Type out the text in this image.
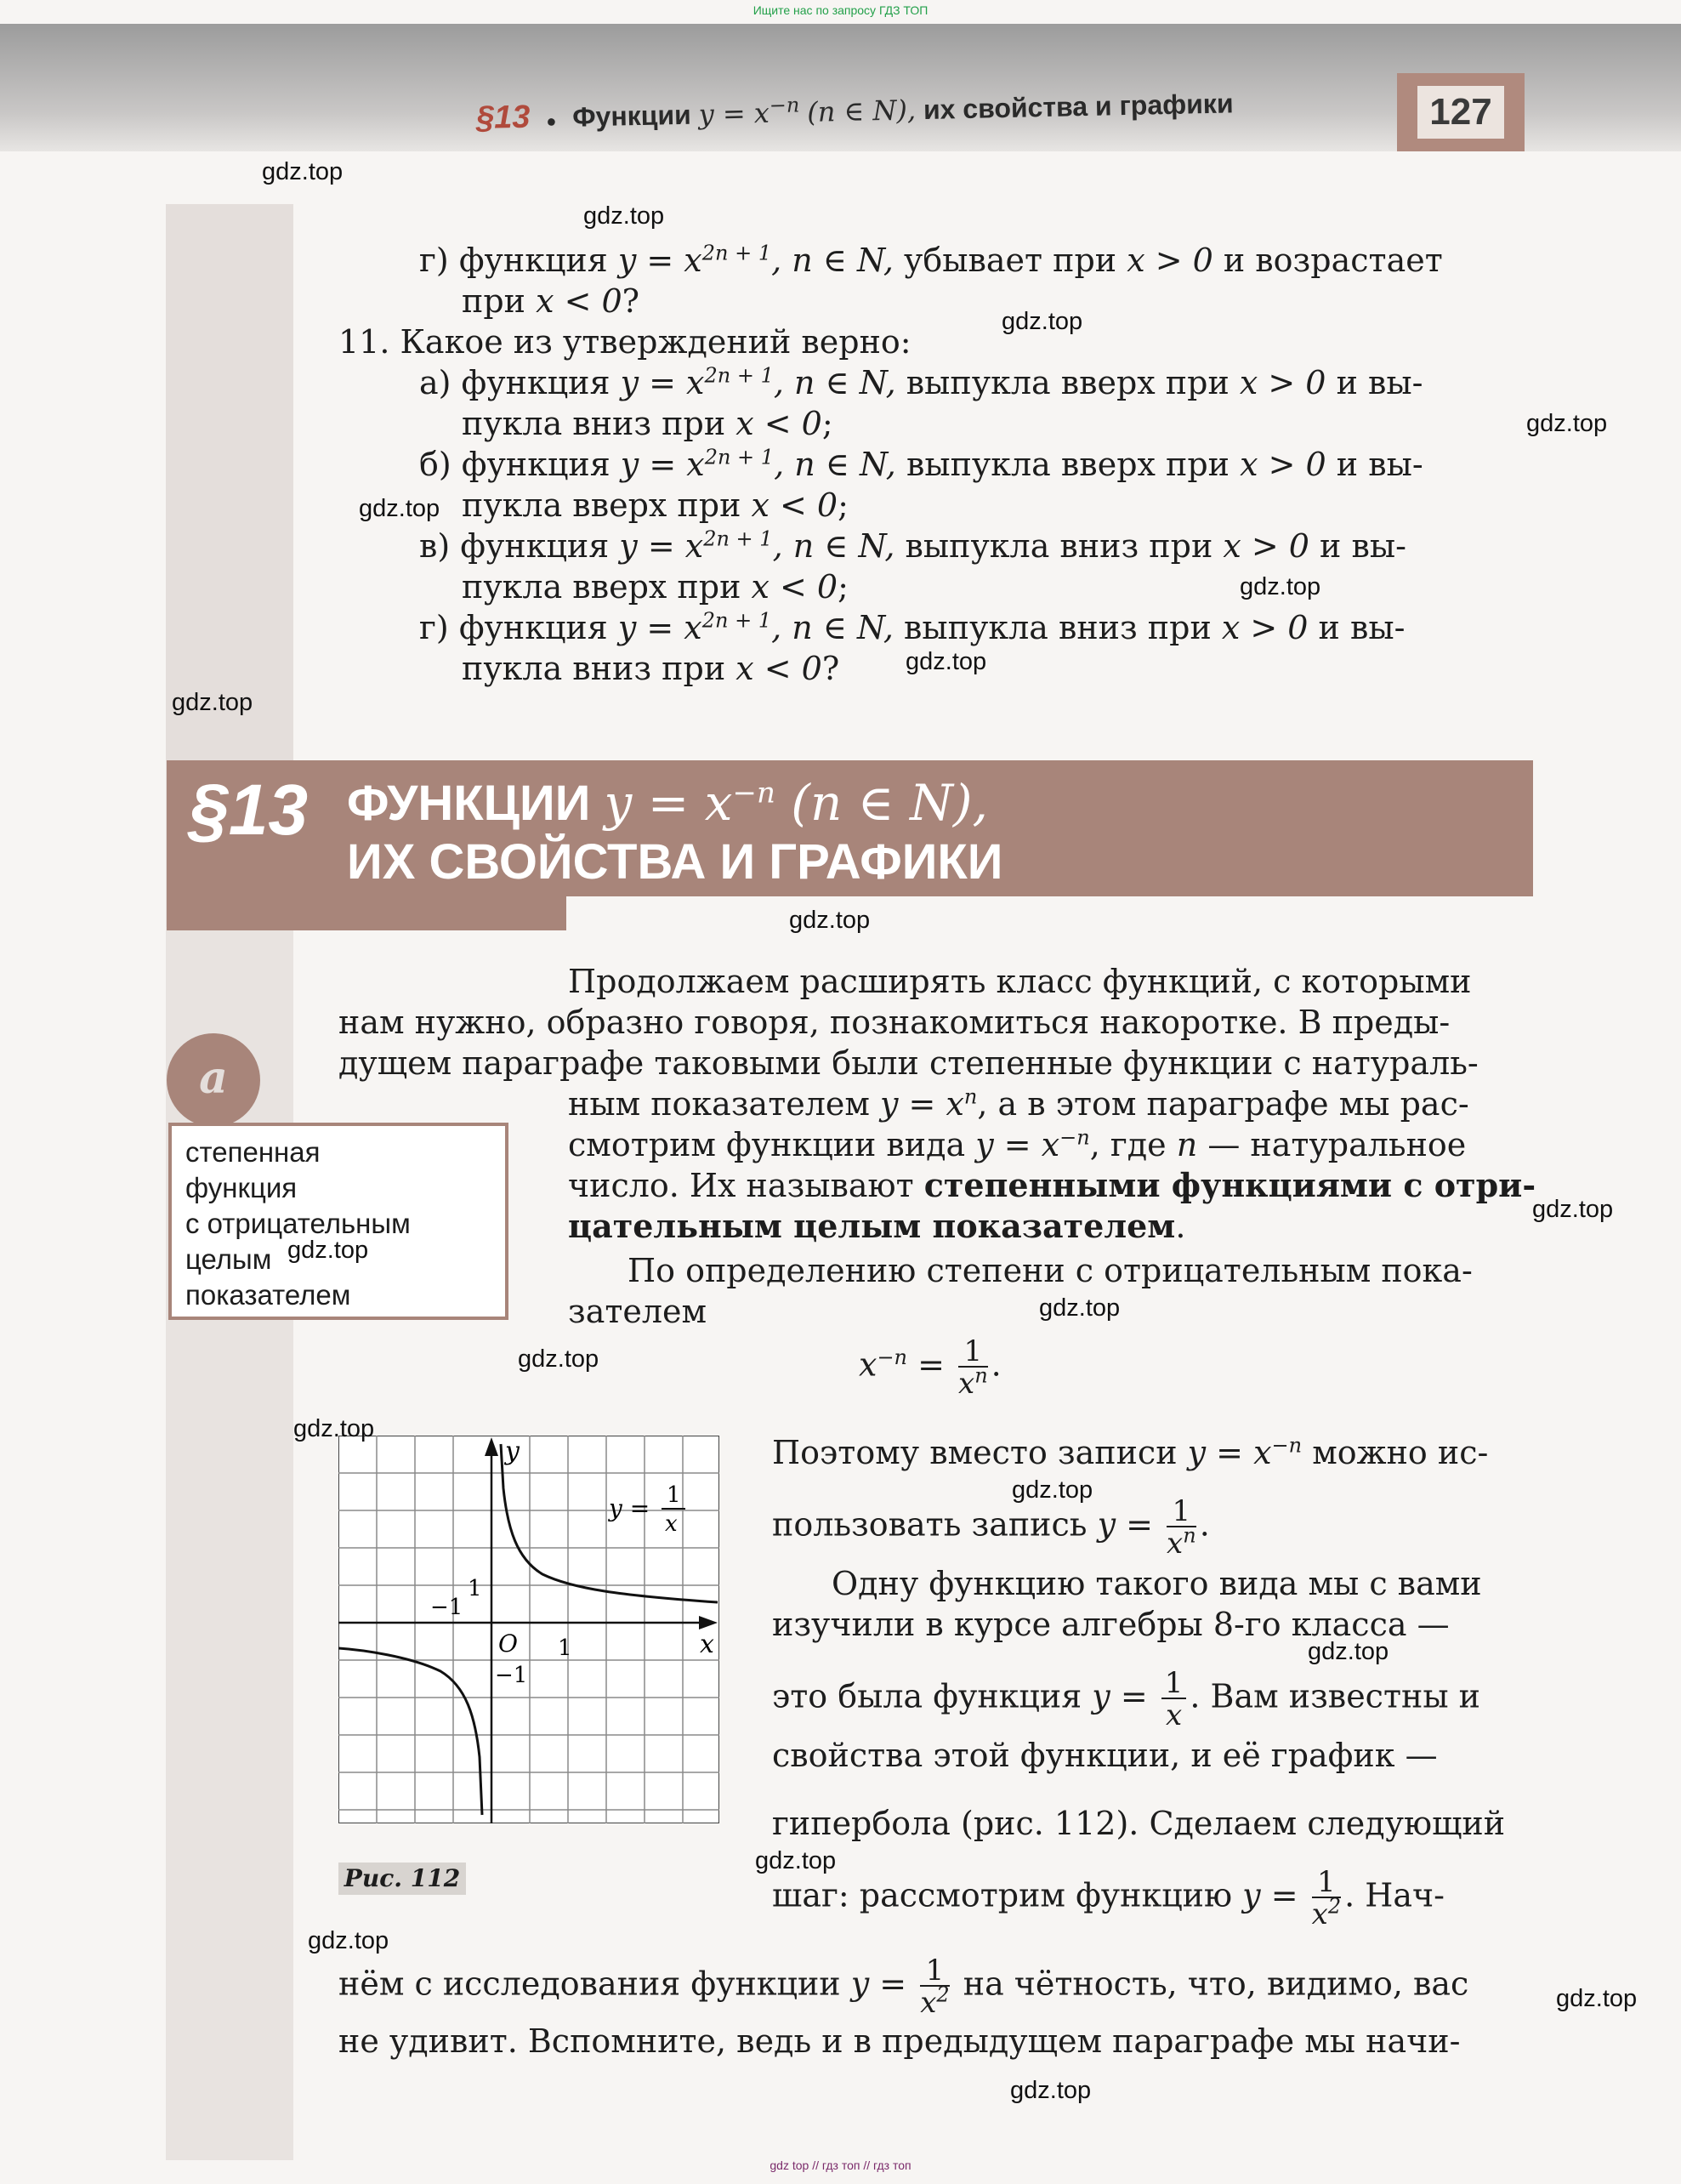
Ищите нас по запросу ГДЗ ТОП
§13 ● Функции $y = x^{-n}$ (n ∈ N), их свойства и графики	127
г) функция $y = x^{2n + 1}$, n ∈ N, убывает при x > 0 и возрастает
при x < 0?
11. Какое из утверждений верно:
а) функция $y = x^{2n + 1}$, n ∈ N, выпукла вверх при x > 0 и вы-
пукла вниз при x < 0;
б) функция $y = x^{2n + 1}$, n ∈ N, выпукла вверх при x > 0 и вы-
пукла вверх при x < 0;
в) функция $y = x^{2n + 1}$, n ∈ N, выпукла вниз при x > 0 и вы-
пукла вверх при x < 0;
г) функция $y = x^{2n + 1}$, n ∈ N, выпукла вниз при x > 0 и вы-
пукла вниз при x < 0?
§13 ФУНКЦИИ $y = x^{-n}$ (n ∈ N),
ИХ СВОЙСТВА И ГРАФИКИ
a
степенная
функция
с отрицательным
целым
показателем
Продолжаем расширять класс функций, с которыми
нам нужно, образно говоря, познакомиться накоротке. В преды-
дущем параграфе таковыми были степенные функции с натураль-
ным показателем $y = x^n$, а в этом параграфе мы рас-
смотрим функции вида $y = x^{-n}$, где n — натуральное
число. Их называют степенными функциями с отри-
цательным целым показателем.
По определению степени с отрицательным пока-
зателем
$x^{-n} = \frac{1}{x^n}$ .
Поэтому вместо записи $y = x^{-n}$ можно ис-
пользовать запись $y = \frac{1}{x^n}$ .
Одну функцию такого вида мы с вами
изучили в курсе алгебры 8-го класса —
это была функция $y = \frac{1}{x}$ . Вам известны и
свойства этой функции, и её график —
гипербола (рис. 112). Сделаем следующий
шаг: рассмотрим функцию $y = \frac{1}{x^2}$ . Нач-
нём с исследования функции $y = \frac{1}{x^2}$ на чётность, что, видимо, вас
не удивит. Вспомните, ведь и в предыдущем параграфе мы начи-
y
x
O
1
1
−1
−1
y = 1
x
Рис. 112
gdz.top
gdz.top
gdz.top
gdz.top
gdz.top
gdz.top
gdz.top
gdz.top
gdz.top
gdz.top
gdz.top
gdz.top
gdz.top
gdz.top
gdz.top
gdz.top
gdz.top
gdz.top
gdz.top
gdz.top
gdz top // гдз топ // гдз топ
